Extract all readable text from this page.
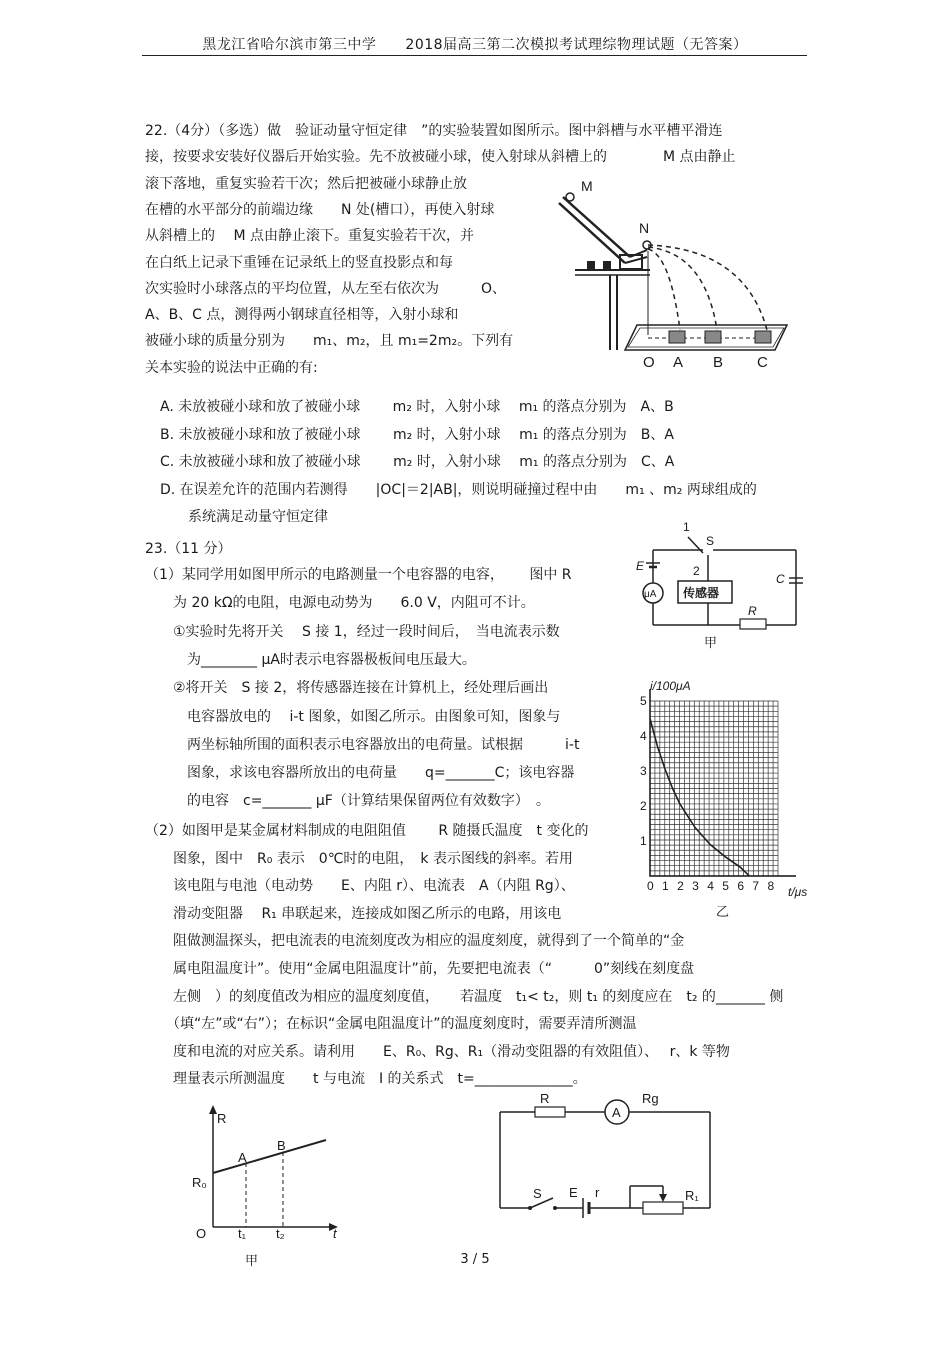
黑龙江省哈尔滨市第三中学　　2018届高三第二次模拟考试理综物理试题（无答案）
22.（4分）（多选）做　验证动量守恒定律　”的实验装置如图所示。图中斜槽与水平槽平滑连
接，按要求安装好仪器后开始实验。先不放被碰小球，使入射球从斜槽上的　　　　M 点由静止
滚下落地，重复实验若干次；然后把被碰小球静止放
在槽的水平部分的前端边缘　　N 处(槽口），再使入射球
从斜槽上的　 M 点由静止滚下。重复实验若干次，并
在白纸上记录下重锤在记录纸上的竖直投影点和每
次实验时小球落点的平均位置，从左至右依次为　　　O、
A、B、C 点，测得两小钢球直径相等，入射小球和
被碰小球的质量分别为　　m₁、m₂，且 m₁=2m₂。下列有
关本实验的说法中正确的有:
A. 未放被碰小球和放了被碰小球　　 m₂ 时，入射小球　 m₁ 的落点分别为　A、B
B. 未放被碰小球和放了被碰小球　　 m₂ 时，入射小球　 m₁ 的落点分别为　B、A
C. 未放被碰小球和放了被碰小球　　 m₂ 时，入射小球　 m₁ 的落点分别为　C、A
D. 在误差允许的范围内若测得　　|OC|＝2|AB|，则说明碰撞过程中由　　m₁ 、m₂ 两球组成的
　　系统满足动量守恒定律
M
N
O A B C
23.（11 分）
（1）某同学用如图甲所示的电路测量一个电容器的电容，　　 图中 R
　　为 20 kΩ的电阻，电源电动势为　　6.0 V，内阻可不计。
　　①实验时先将开关　 S 接 1，经过一段时间后，　当电流表示数
　　　为________ μA时表示电容器极板间电压最大。
　　②将开关　S 接 2，将传感器连接在计算机上，经处理后画出
　　　电容器放电的　 i-t 图象，如图乙所示。由图象可知，图象与
　　　两坐标轴所围的面积表示电容器放出的电荷量。试根据　　　i-t
　　　图象，求该电容器所放出的电荷量　　q=_______C；该电容器
　　　的电容　c=_______ μF（计算结果保留两位有效数字）　。
（2）如图甲是某金属材料制成的电阻阻值　　 R 随摄氏温度　t 变化的
　　图象，图中　R₀ 表示　0℃时的电阻，　k 表示图线的斜率。若用
　　该电阻与电池（电动势　　E、内阻 r）、电流表　A（内阻 Rg）、
　　滑动变阻器　 R₁ 串联起来，连接成如图乙所示的电路，用该电
　　阻做测温探头，把电流表的电流刻度改为相应的温度刻度，就得到了一个简单的“金
　　属电阻温度计”。使用“金属电阻温度计”前，先要把电流表（“　　　0”刻线在刻度盘
　　左侧　）的刻度值改为相应的温度刻度值，　　若温度　t₁< t₂，则 t₁ 的刻度应在　t₂ 的_______ 侧
　　（填“左”或“右”）；在标识“金属电阻温度计”的温度刻度时，需要弄清所测温
　　度和电流的对应关系。请利用　　E、R₀、Rg、R₁（滑动变阻器的有效阻值）、　 r、k 等物
　　理量表示所测温度　　t 与电流　I 的关系式　t=______________。
1
S
E
μA
C
2
传感器
R
甲
0 1 2 3 4 5 6 7 8
1
2
3
4
5
i/100μA
t/μs
乙
R
A
B
R₀
O t₁ t₂	t
甲
R
A
Rg
S E r	R₁
3 / 5
